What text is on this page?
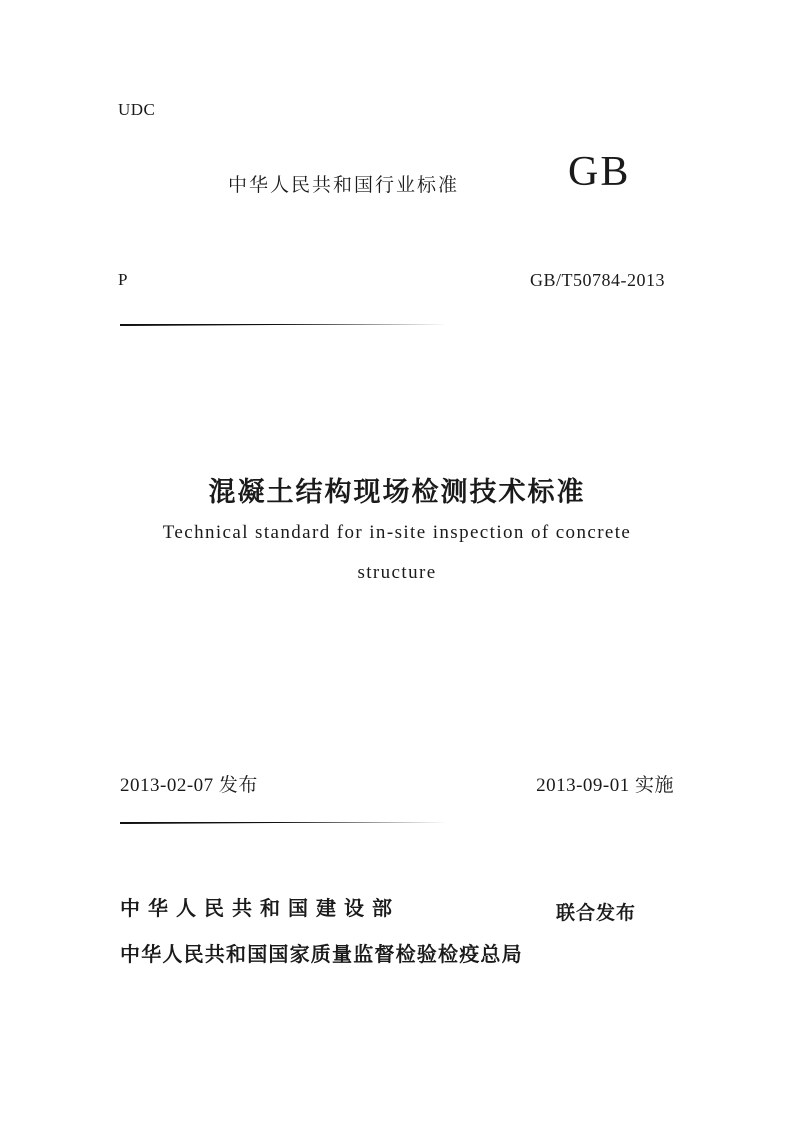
UDC
中华人民共和国行业标准	GB
P	GB/T50784-2013
混凝土结构现场检测技术标准
Technical standard for in-site inspection of concrete
structure
2013-02-07 发布	2013-09-01 实施
中华人民共和国建设部
中华人民共和国国家质量监督检验检疫总局
联合发布
